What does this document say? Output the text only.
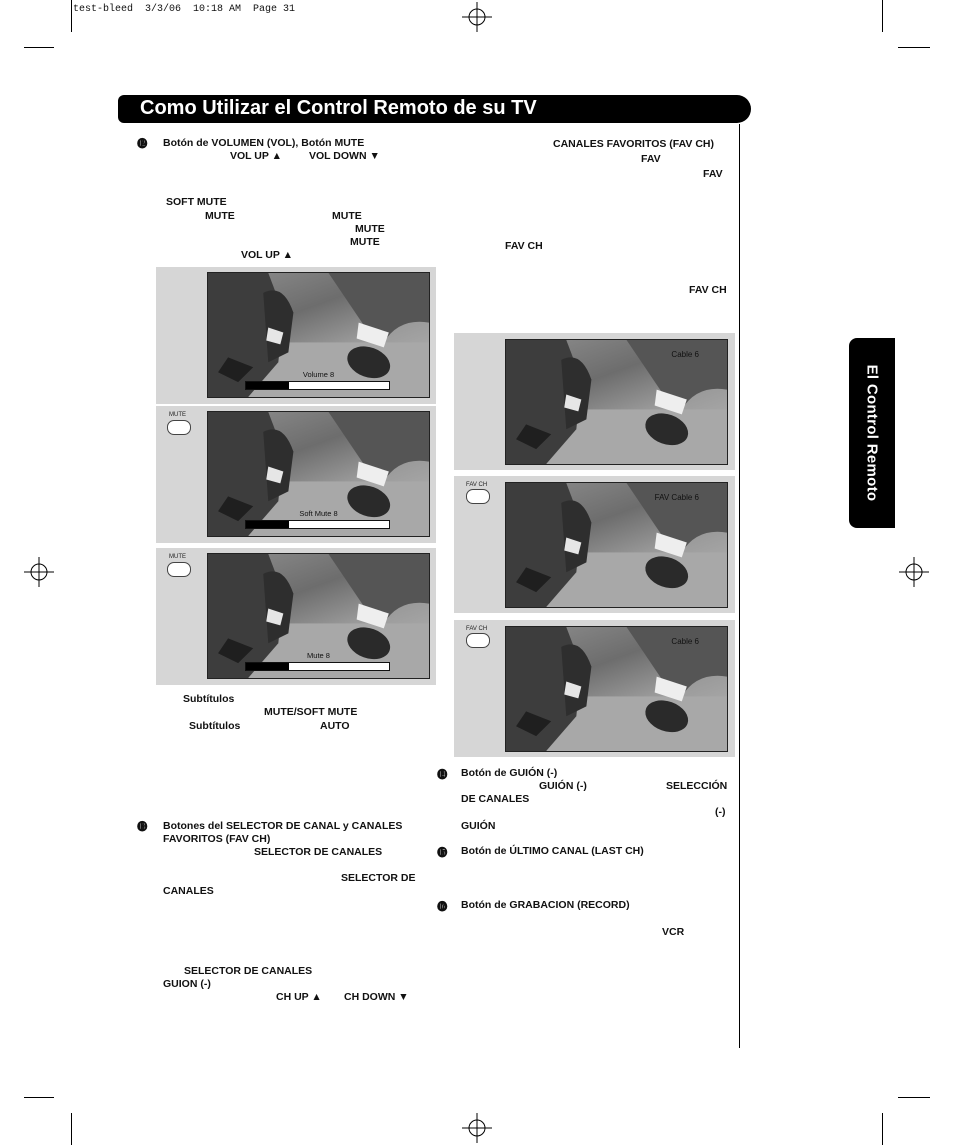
test-bleed  3/3/06  10:18 AM  Page 31
Como Utilizar el Control Remoto de su TV
El Control Remoto
⓬ Botón de VOLUMEN (VOL), Botón MUTE
VOL UP ▲	VOL DOWN ▼
SOFT MUTE
MUTE	MUTE
MUTE
MUTE
VOL UP ▲
Volume 8
MUTE
Soft Mute 8
MUTE
Mute 8
Subtítulos
MUTE/SOFT MUTE
Subtítulos	AUTO
⓭ Botones del SELECTOR DE CANAL y CANALES
FAVORITOS (FAV CH)
SELECTOR DE CANALES
SELECTOR DE
CANALES
SELECTOR DE CANALES
GUION (-)
CH UP ▲ CH DOWN ▼
CANALES FAVORITOS (FAV CH)
FAV
FAV
FAV CH
FAV CH
Cable 6
FAV CH
FAV Cable 6
FAV CH
Cable 6
⓮ Botón de GUIÓN (-)
GUIÓN (-)	SELECCIÓN
DE CANALES
(-)
GUIÓN
⓯ Botón de ÚLTIMO CANAL (LAST CH)
⓰ Botón de GRABACION (RECORD)
VCR
